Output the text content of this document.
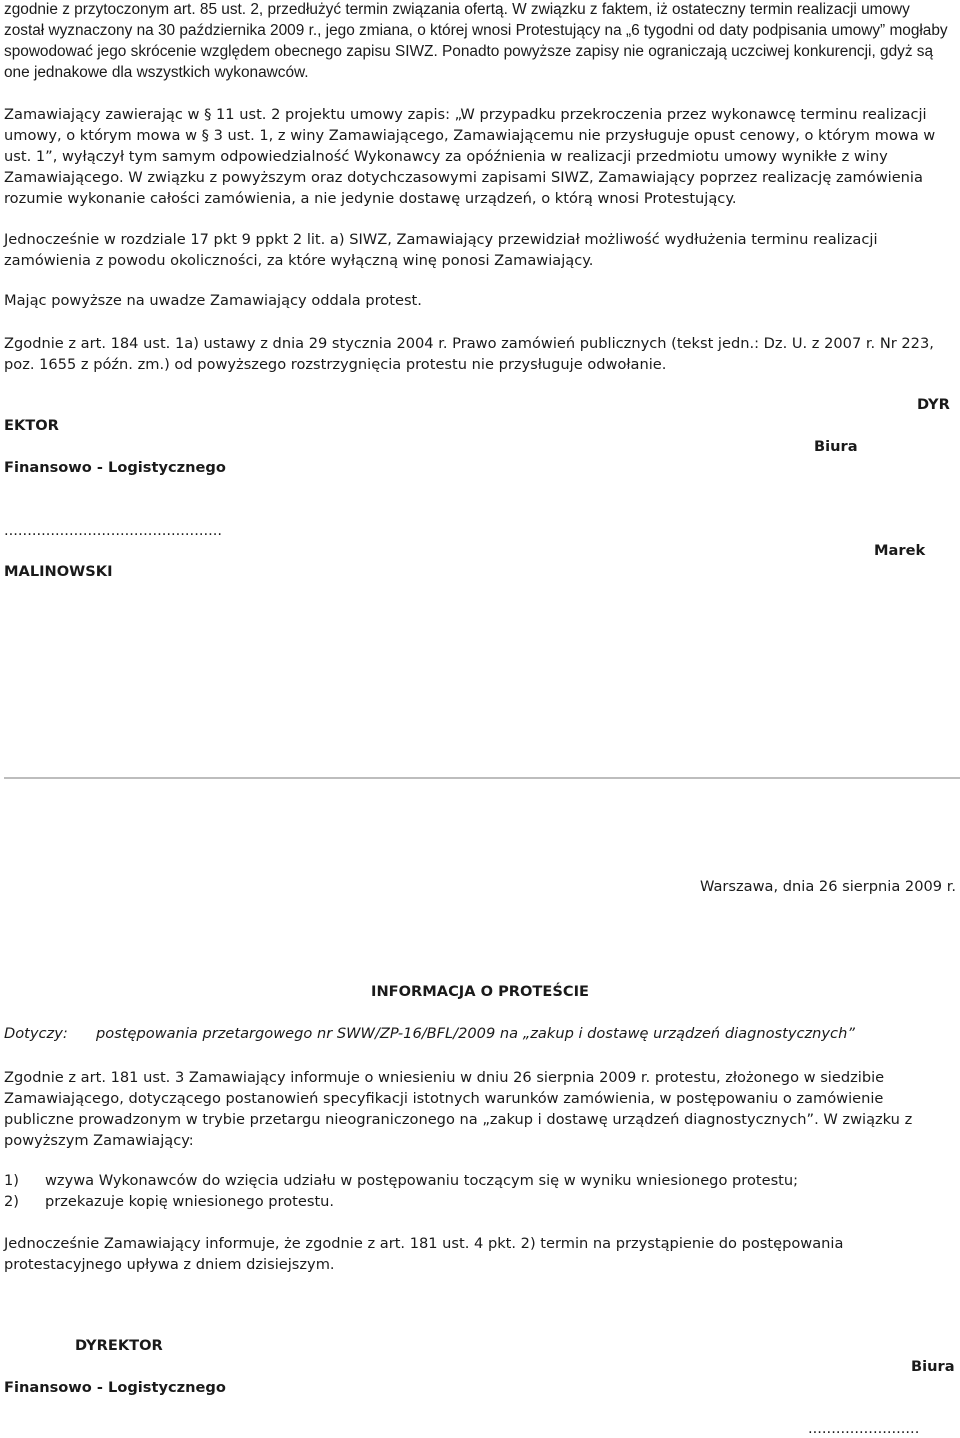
zgodnie z przytoczonym art. 85 ust. 2, przedłużyć termin związania ofertą. W związku z faktem, iż ostateczny termin realizacji umowy został wyznaczony na 30 października 2009 r., jego zmiana, o której wnosi Protestujący na „6 tygodni od daty podpisania umowy” mogłaby spowodować jego skrócenie względem obecnego zapisu SIWZ. Ponadto powyższe zapisy nie ograniczają uczciwej konkurencji, gdyż są one jednakowe dla wszystkich wykonawców.

Zamawiający zawierając w § 11 ust. 2 projektu umowy zapis: „W przypadku przekroczenia przez wykonawcę terminu realizacji umowy, o którym mowa w § 3 ust. 1, z winy Zamawiającego, Zamawiającemu nie przysługuje opust cenowy, o którym mowa w ust. 1”, wyłączył tym samym odpowiedzialność Wykonawcy za opóźnienia w realizacji przedmiotu umowy wynikłe z winy Zamawiającego. W związku z powyższym oraz dotychczasowymi zapisami SIWZ, Zamawiający poprzez realizację zamówienia rozumie wykonanie całości zamówienia, a nie jedynie dostawę urządzeń, o którą wnosi Protestujący.

Jednocześnie w rozdziale 17 pkt 9 ppkt 2 lit. a) SIWZ, Zamawiający przewidział możliwość wydłużenia terminu realizacji zamówienia z powodu okoliczności, za które wyłączną winę ponosi Zamawiający.

Mając powyższe na uwadze Zamawiający oddala protest.

Zgodnie z art. 184 ust. 1a) ustawy z dnia 29 stycznia 2004 r. Prawo zamówień publicznych (tekst jedn.: Dz. U. z 2007 r. Nr 223, poz. 1655 z późn. zm.) od powyższego rozstrzygnięcia protestu nie przysługuje odwołanie.

DYR
EKTOR
Biura
Finansowo - Logistycznego
...............................................
Marek
MALINOWSKI
Warszawa, dnia 26 sierpnia 2009 r.
INFORMACJA O PROTEŚCIE
Dotyczy: postępowania przetargowego nr SWW/ZP-16/BFL/2009 na „zakup i dostawę urządzeń diagnostycznych”

Zgodnie z art. 181 ust. 3 Zamawiający informuje o wniesieniu w dniu 26 sierpnia 2009 r. protestu, złożonego w siedzibie Zamawiającego, dotyczącego postanowień specyfikacji istotnych warunków zamówienia, w postępowaniu o zamówienie publiczne prowadzonym w trybie przetargu nieograniczonego na „zakup i dostawę urządzeń diagnostycznych”. W związku z powyższym Zamawiający:

1) wzywa Wykonawców do wzięcia udziału w postępowaniu toczącym się w wyniku wniesionego protestu;
2) przekazuje kopię wniesionego protestu.

Jednocześnie Zamawiający informuje, że zgodnie z art. 181 ust. 4 pkt. 2) termin na przystąpienie do postępowania protestacyjnego upływa z dniem dzisiejszym.

DYREKTOR
Biura
Finansowo - Logistycznego
........................
